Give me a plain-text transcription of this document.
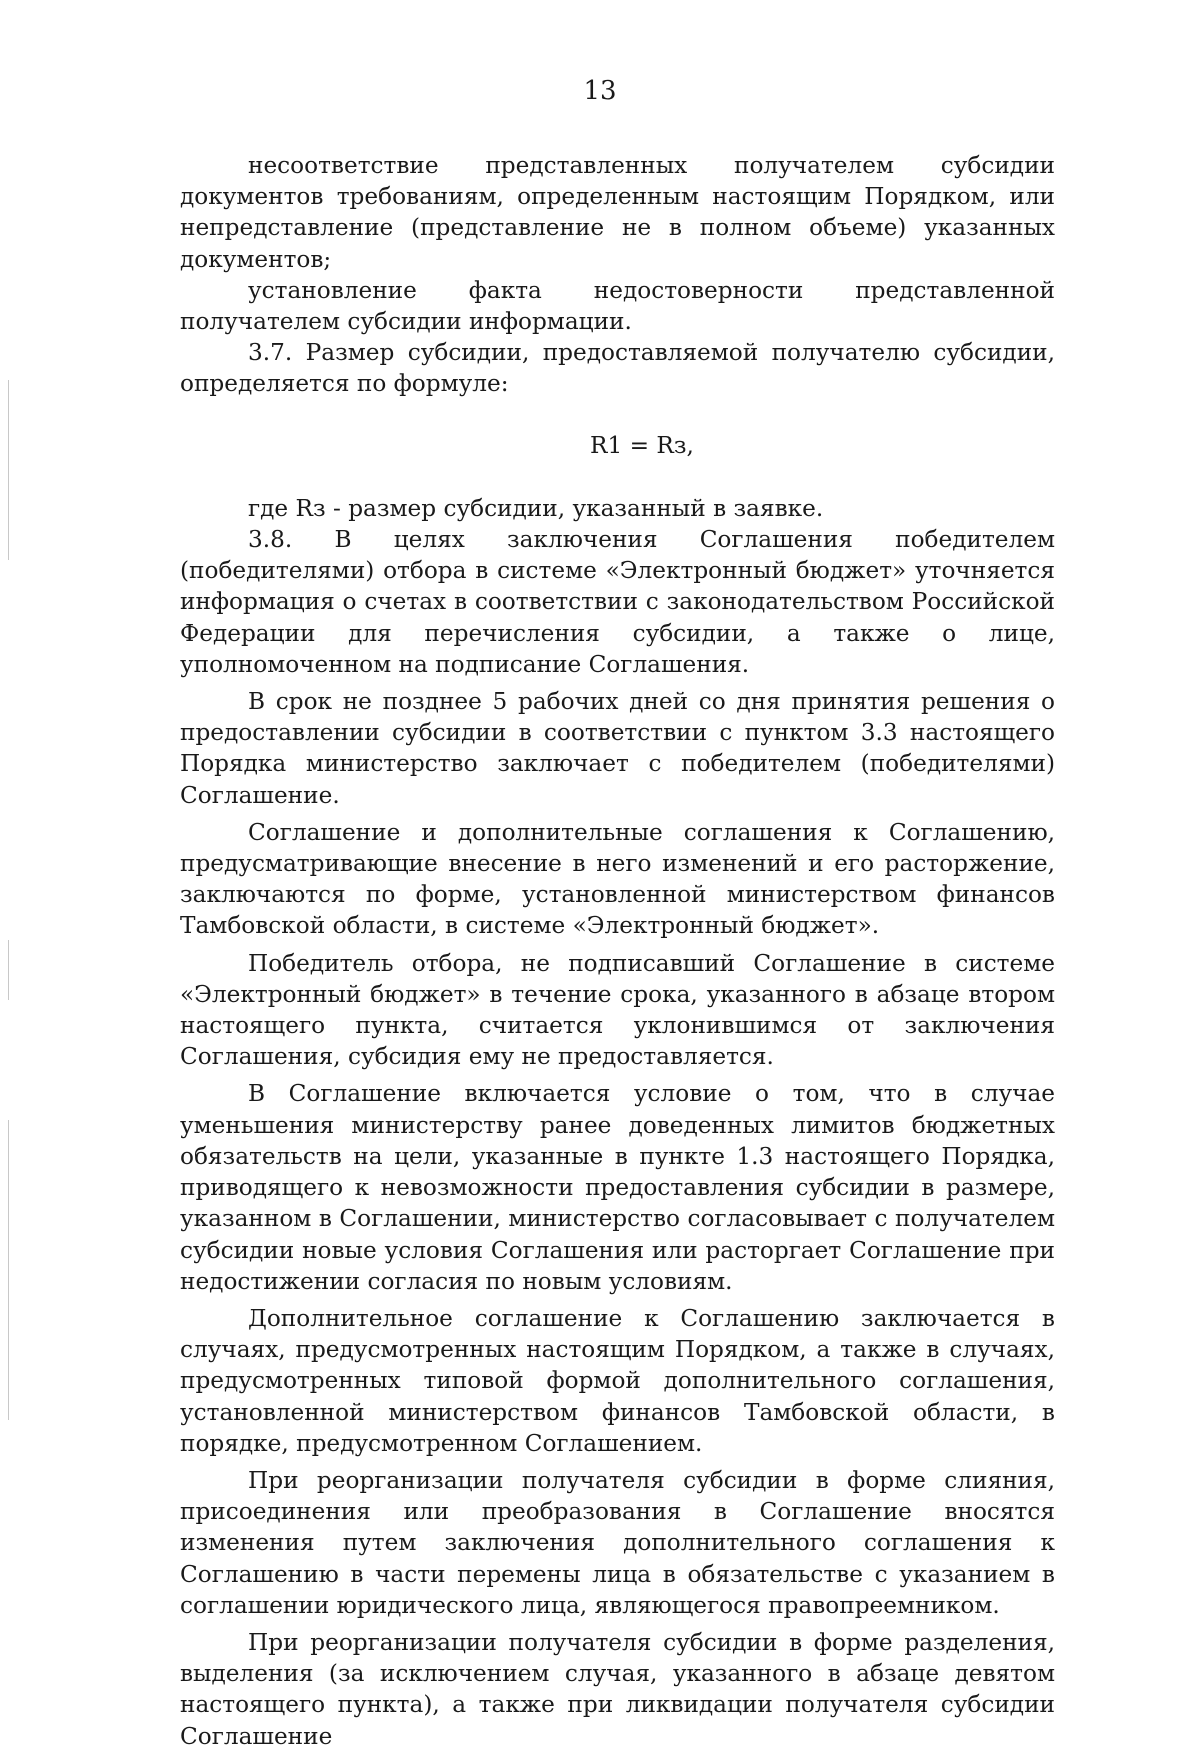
13

несоответствие представленных получателем субсидии документов требованиям, определенным настоящим Порядком, или непредставление (представление не в полном объеме) указанных документов;

установление факта недостоверности представленной получателем субсидии информации.

3.7. Размер субсидии, предоставляемой получателю субсидии, определяется по формуле:

R1 = Rз,

где Rз - размер субсидии, указанный в заявке.

3.8. В целях заключения Соглашения победителем (победителями) отбора в системе «Электронный бюджет» уточняется информация о счетах в соответствии с законодательством Российской Федерации для перечисления субсидии, а также о лице, уполномоченном на подписание Соглашения.

В срок не позднее 5 рабочих дней со дня принятия решения о предоставлении субсидии в соответствии с пунктом 3.3 настоящего Порядка министерство заключает с победителем (победителями) Соглашение.

Соглашение и дополнительные соглашения к Соглашению, предусматривающие внесение в него изменений и его расторжение, заключаются по форме, установленной министерством финансов Тамбовской области, в системе «Электронный бюджет».

Победитель отбора, не подписавший Соглашение в системе «Электронный бюджет» в течение срока, указанного в абзаце втором настоящего пункта, считается уклонившимся от заключения Соглашения, субсидия ему не предоставляется.

В Соглашение включается условие о том, что в случае уменьшения министерству ранее доведенных лимитов бюджетных обязательств на цели, указанные в пункте 1.3 настоящего Порядка, приводящего к невозможности предоставления субсидии в размере, указанном в Соглашении, министерство согласовывает с получателем субсидии новые условия Соглашения или расторгает Соглашение при недостижении согласия по новым условиям.

Дополнительное соглашение к Соглашению заключается в случаях, предусмотренных настоящим Порядком, а также в случаях, предусмотренных типовой формой дополнительного соглашения, установленной министерством финансов Тамбовской области, в порядке, предусмотренном Соглашением.

При реорганизации получателя субсидии в форме слияния, присоединения или преобразования в Соглашение вносятся изменения путем заключения дополнительного соглашения к Соглашению в части перемены лица в обязательстве с указанием в соглашении юридического лица, являющегося правопреемником.

При реорганизации получателя субсидии в форме разделения, выделения (за исключением случая, указанного в абзаце девятом настоящего пункта), а также при ликвидации получателя субсидии Соглашение
